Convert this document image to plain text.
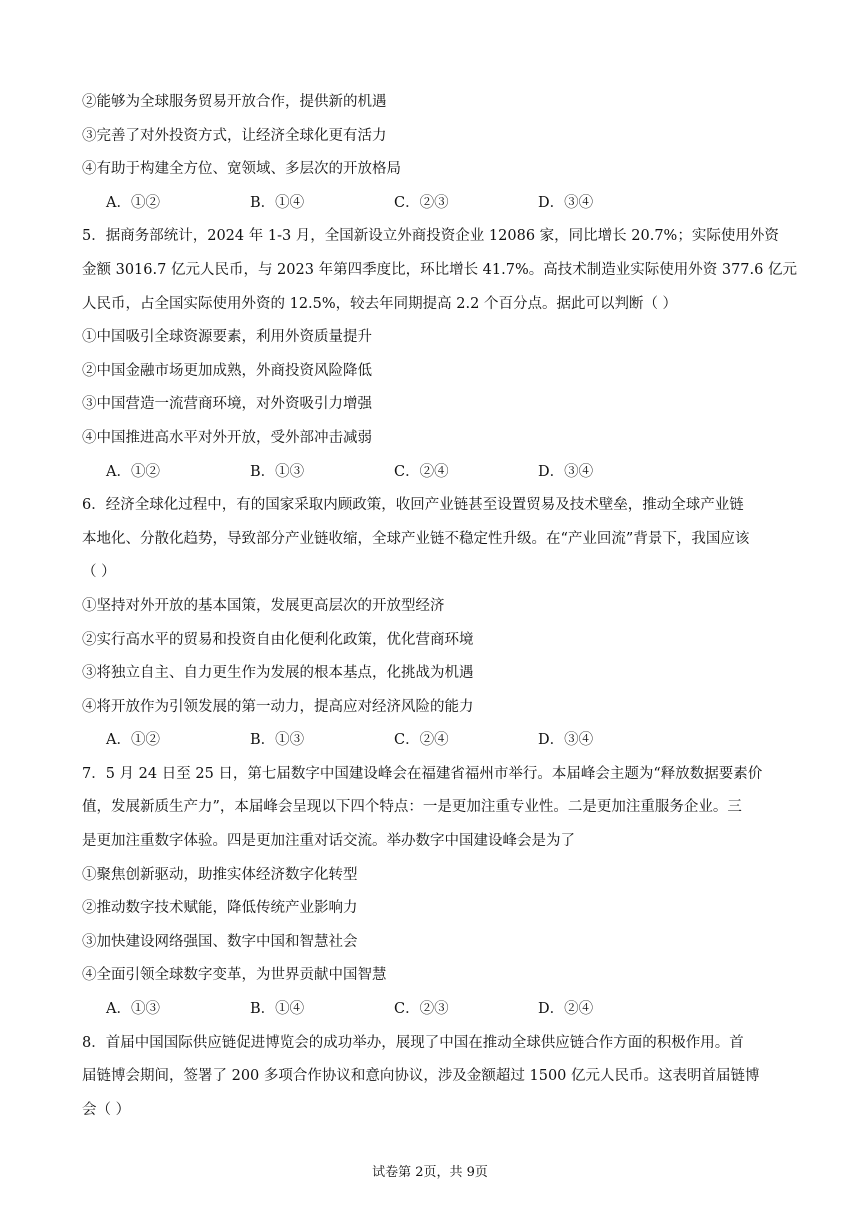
②能够为全球服务贸易开放合作，提供新的机遇
③完善了对外投资方式，让经济全球化更有活力
④有助于构建全方位、宽领域、多层次的开放格局
A．①②	B．①④	C．②③	D．③④
5．据商务部统计，2024 年 1-3 月，全国新设立外商投资企业 12086 家，同比增长 20.7%；实际使用外资
金额 3016.7 亿元人民币，与 2023 年第四季度比，环比增长 41.7%。高技术制造业实际使用外资 377.6 亿元
人民币，占全国实际使用外资的 12.5%，较去年同期提高 2.2 个百分点。据此可以判断（ ）
①中国吸引全球资源要素，利用外资质量提升
②中国金融市场更加成熟，外商投资风险降低
③中国营造一流营商环境，对外资吸引力增强
④中国推进高水平对外开放，受外部冲击减弱
A．①②	B．①③	C．②④	D．③④
6．经济全球化过程中，有的国家采取内顾政策，收回产业链甚至设置贸易及技术壁垒，推动全球产业链
本地化、分散化趋势，导致部分产业链收缩，全球产业链不稳定性升级。在“产业回流”背景下，我国应该
（ ）
①坚持对外开放的基本国策，发展更高层次的开放型经济
②实行高水平的贸易和投资自由化便利化政策，优化营商环境
③将独立自主、自力更生作为发展的根本基点，化挑战为机遇
④将开放作为引领发展的第一动力，提高应对经济风险的能力
A．①②	B．①③	C．②④	D．③④
7．5 月 24 日至 25 日，第七届数字中国建设峰会在福建省福州市举行。本届峰会主题为“释放数据要素价
值，发展新质生产力”，本届峰会呈现以下四个特点：一是更加注重专业性。二是更加注重服务企业。三
是更加注重数字体验。四是更加注重对话交流。举办数字中国建设峰会是为了
①聚焦创新驱动，助推实体经济数字化转型
②推动数字技术赋能，降低传统产业影响力
③加快建设网络强国、数字中国和智慧社会
④全面引领全球数字变革，为世界贡献中国智慧
A．①③	B．①④	C．②③	D．②④
8．首届中国国际供应链促进博览会的成功举办，展现了中国在推动全球供应链合作方面的积极作用。首
届链博会期间，签署了 200 多项合作协议和意向协议，涉及金额超过 1500 亿元人民币。这表明首届链博
会（ ）
试卷第 2页，共 9页
